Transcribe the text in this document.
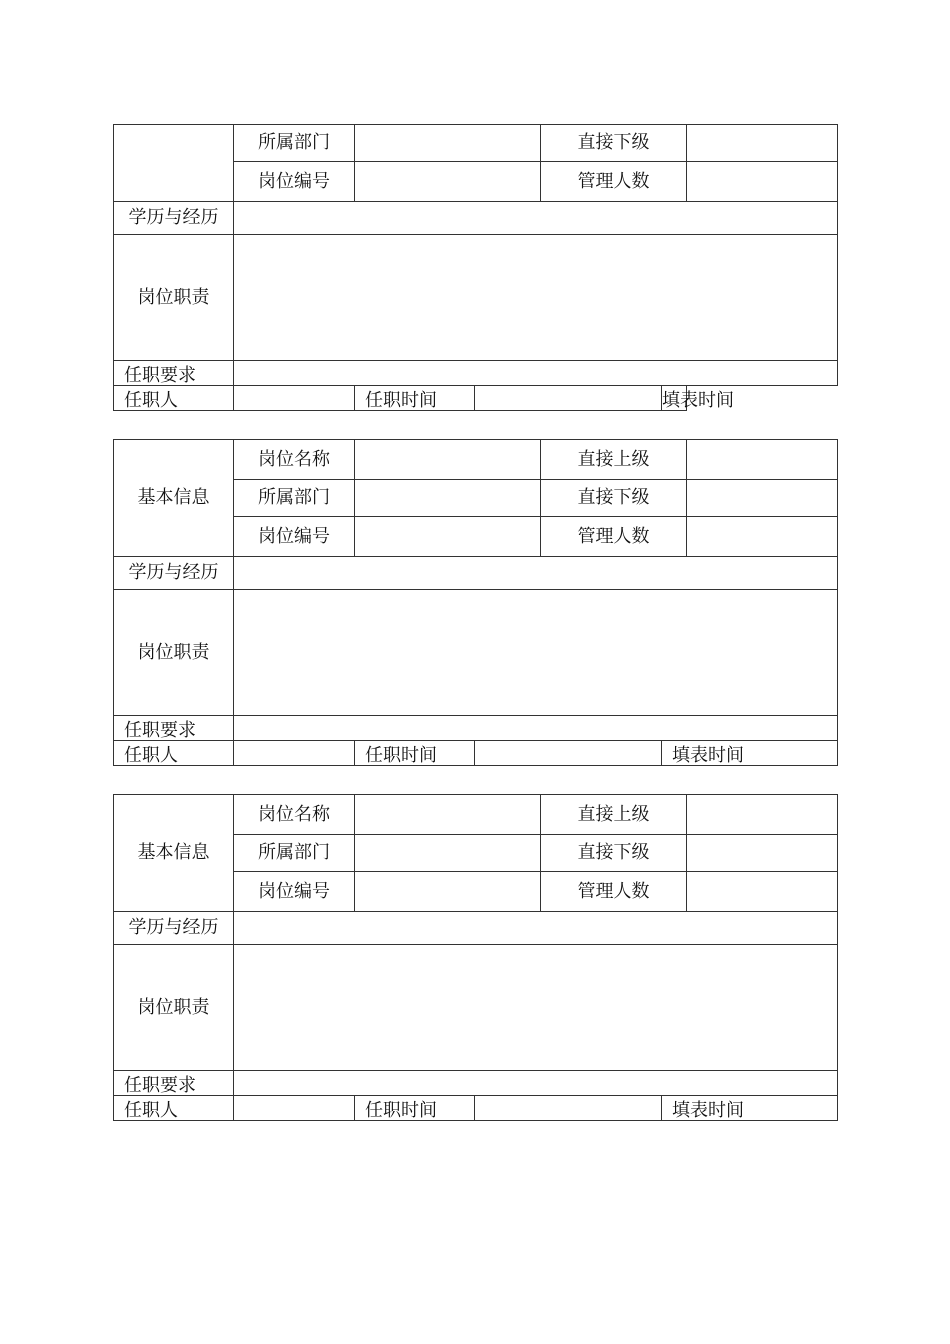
	所属部门			直接下级		
	岗位编号			管理人数		
学历与经历						
岗位职责						
任职要求						
任职人		任职时间			填表时间	
基本信息	岗位名称			直接上级		
	所属部门			直接下级		
	岗位编号			管理人数		
学历与经历						
岗位职责						
任职要求						
任职人		任职时间			填表时间	
基本信息	岗位名称			直接上级		
	所属部门			直接下级		
	岗位编号			管理人数		
学历与经历						
岗位职责						
任职要求						
任职人		任职时间			填表时间	
